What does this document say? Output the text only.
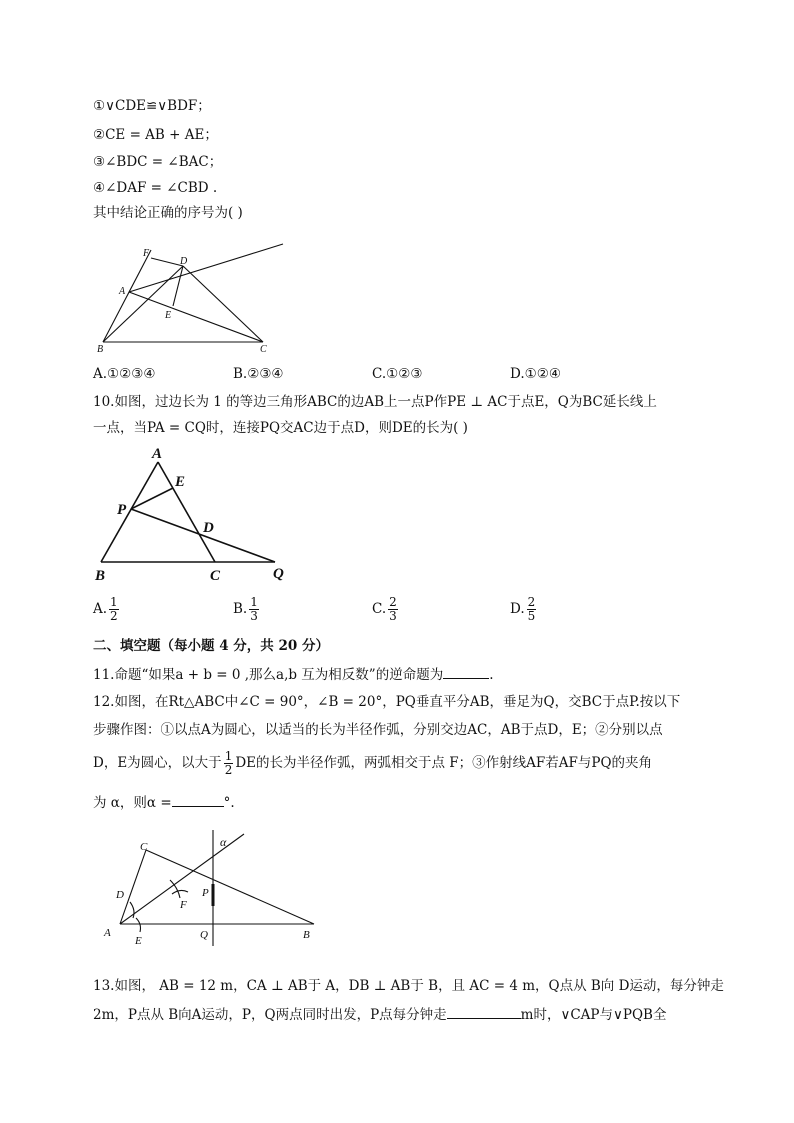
①∨CDE≌∨BDF；
②CE = AB + AE；
③∠BDC = ∠BAC；
④∠DAF = ∠CBD .
其中结论正确的序号为( )
F
D
A
E
B	C
A.①②③④	B.②③④	C.①②③	D.①②④
10.如图，过边长为 1 的等边三角形ABC的边AB上一点P作PE ⊥ AC于点E，Q为BC延长线上
一点，当PA = CQ时，连接PQ交AC边于点D，则DE的长为( )
A
E
P
D
B	C	Q
A. $\frac{1}{2}$	B. $\frac{1}{3}$	C. $\frac{2}{3}$	D. $\frac{2}{5}$
二、填空题（每小题 4 分，共 20 分）
11.命题“如果a + b = 0 ,那么a,b 互为相反数”的逆命题为	.
12.如图，在Rt△ABC中∠C = 90°，∠B = 20°，PQ垂直平分AB，垂足为Q，交BC于点P.按以下
步骤作图：①以点A为圆心，以适当的长为半径作弧，分别交边AC，AB于点D，E；②分别以点
D，E为圆心，以大于 $\frac{1}{2}$ DE的长为半径作弧，两弧相交于点 F；③作射线AF若AF与PQ的夹角
为 α，则α =	°.
C	α
D	P
F
A
E	Q	B
13.如图， AB = 12 m，CA ⊥ AB于 A，DB ⊥ AB于 B，且 AC = 4 m，Q点从 B向 D运动，每分钟走
2m，P点从 B向A运动，P，Q两点同时出发，P点每分钟走	m时，∨CAP与∨PQB全
